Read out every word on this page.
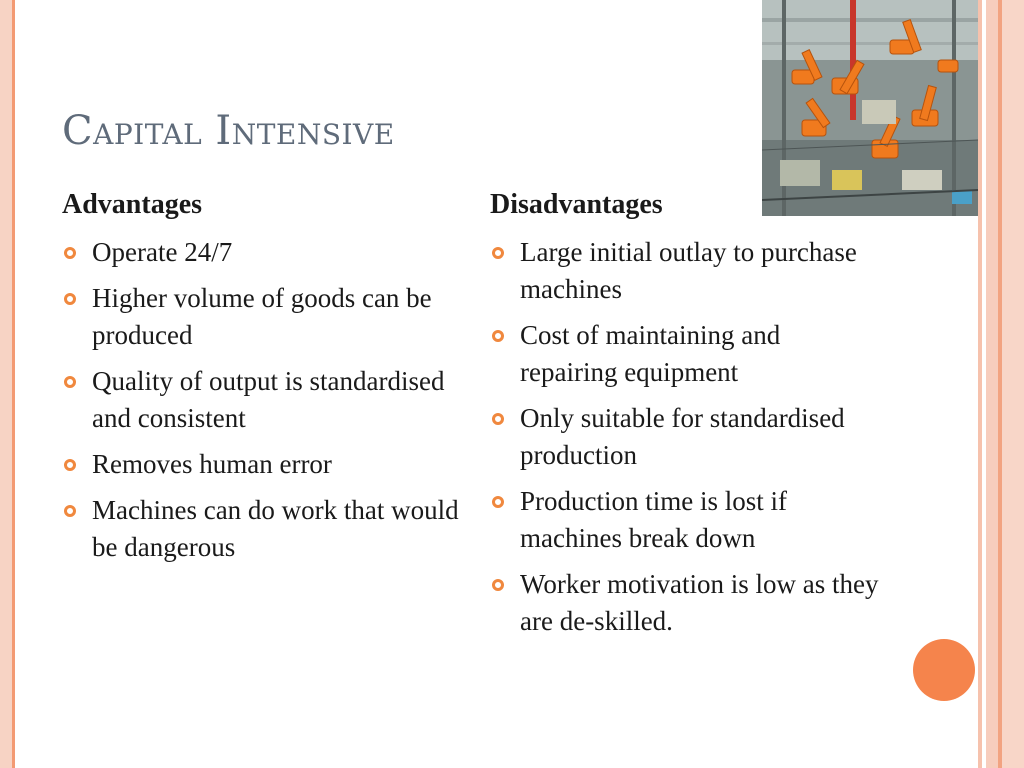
Capital Intensive
Advantages
Operate 24/7
Higher volume of goods can be produced
Quality of output is standardised and consistent
Removes human error
Machines can do work that would be dangerous
Disadvantages
Large initial outlay to purchase machines
Cost of maintaining and repairing equipment
Only suitable for standardised production
Production time is lost if machines break down
Worker motivation is low as they are de-skilled.
